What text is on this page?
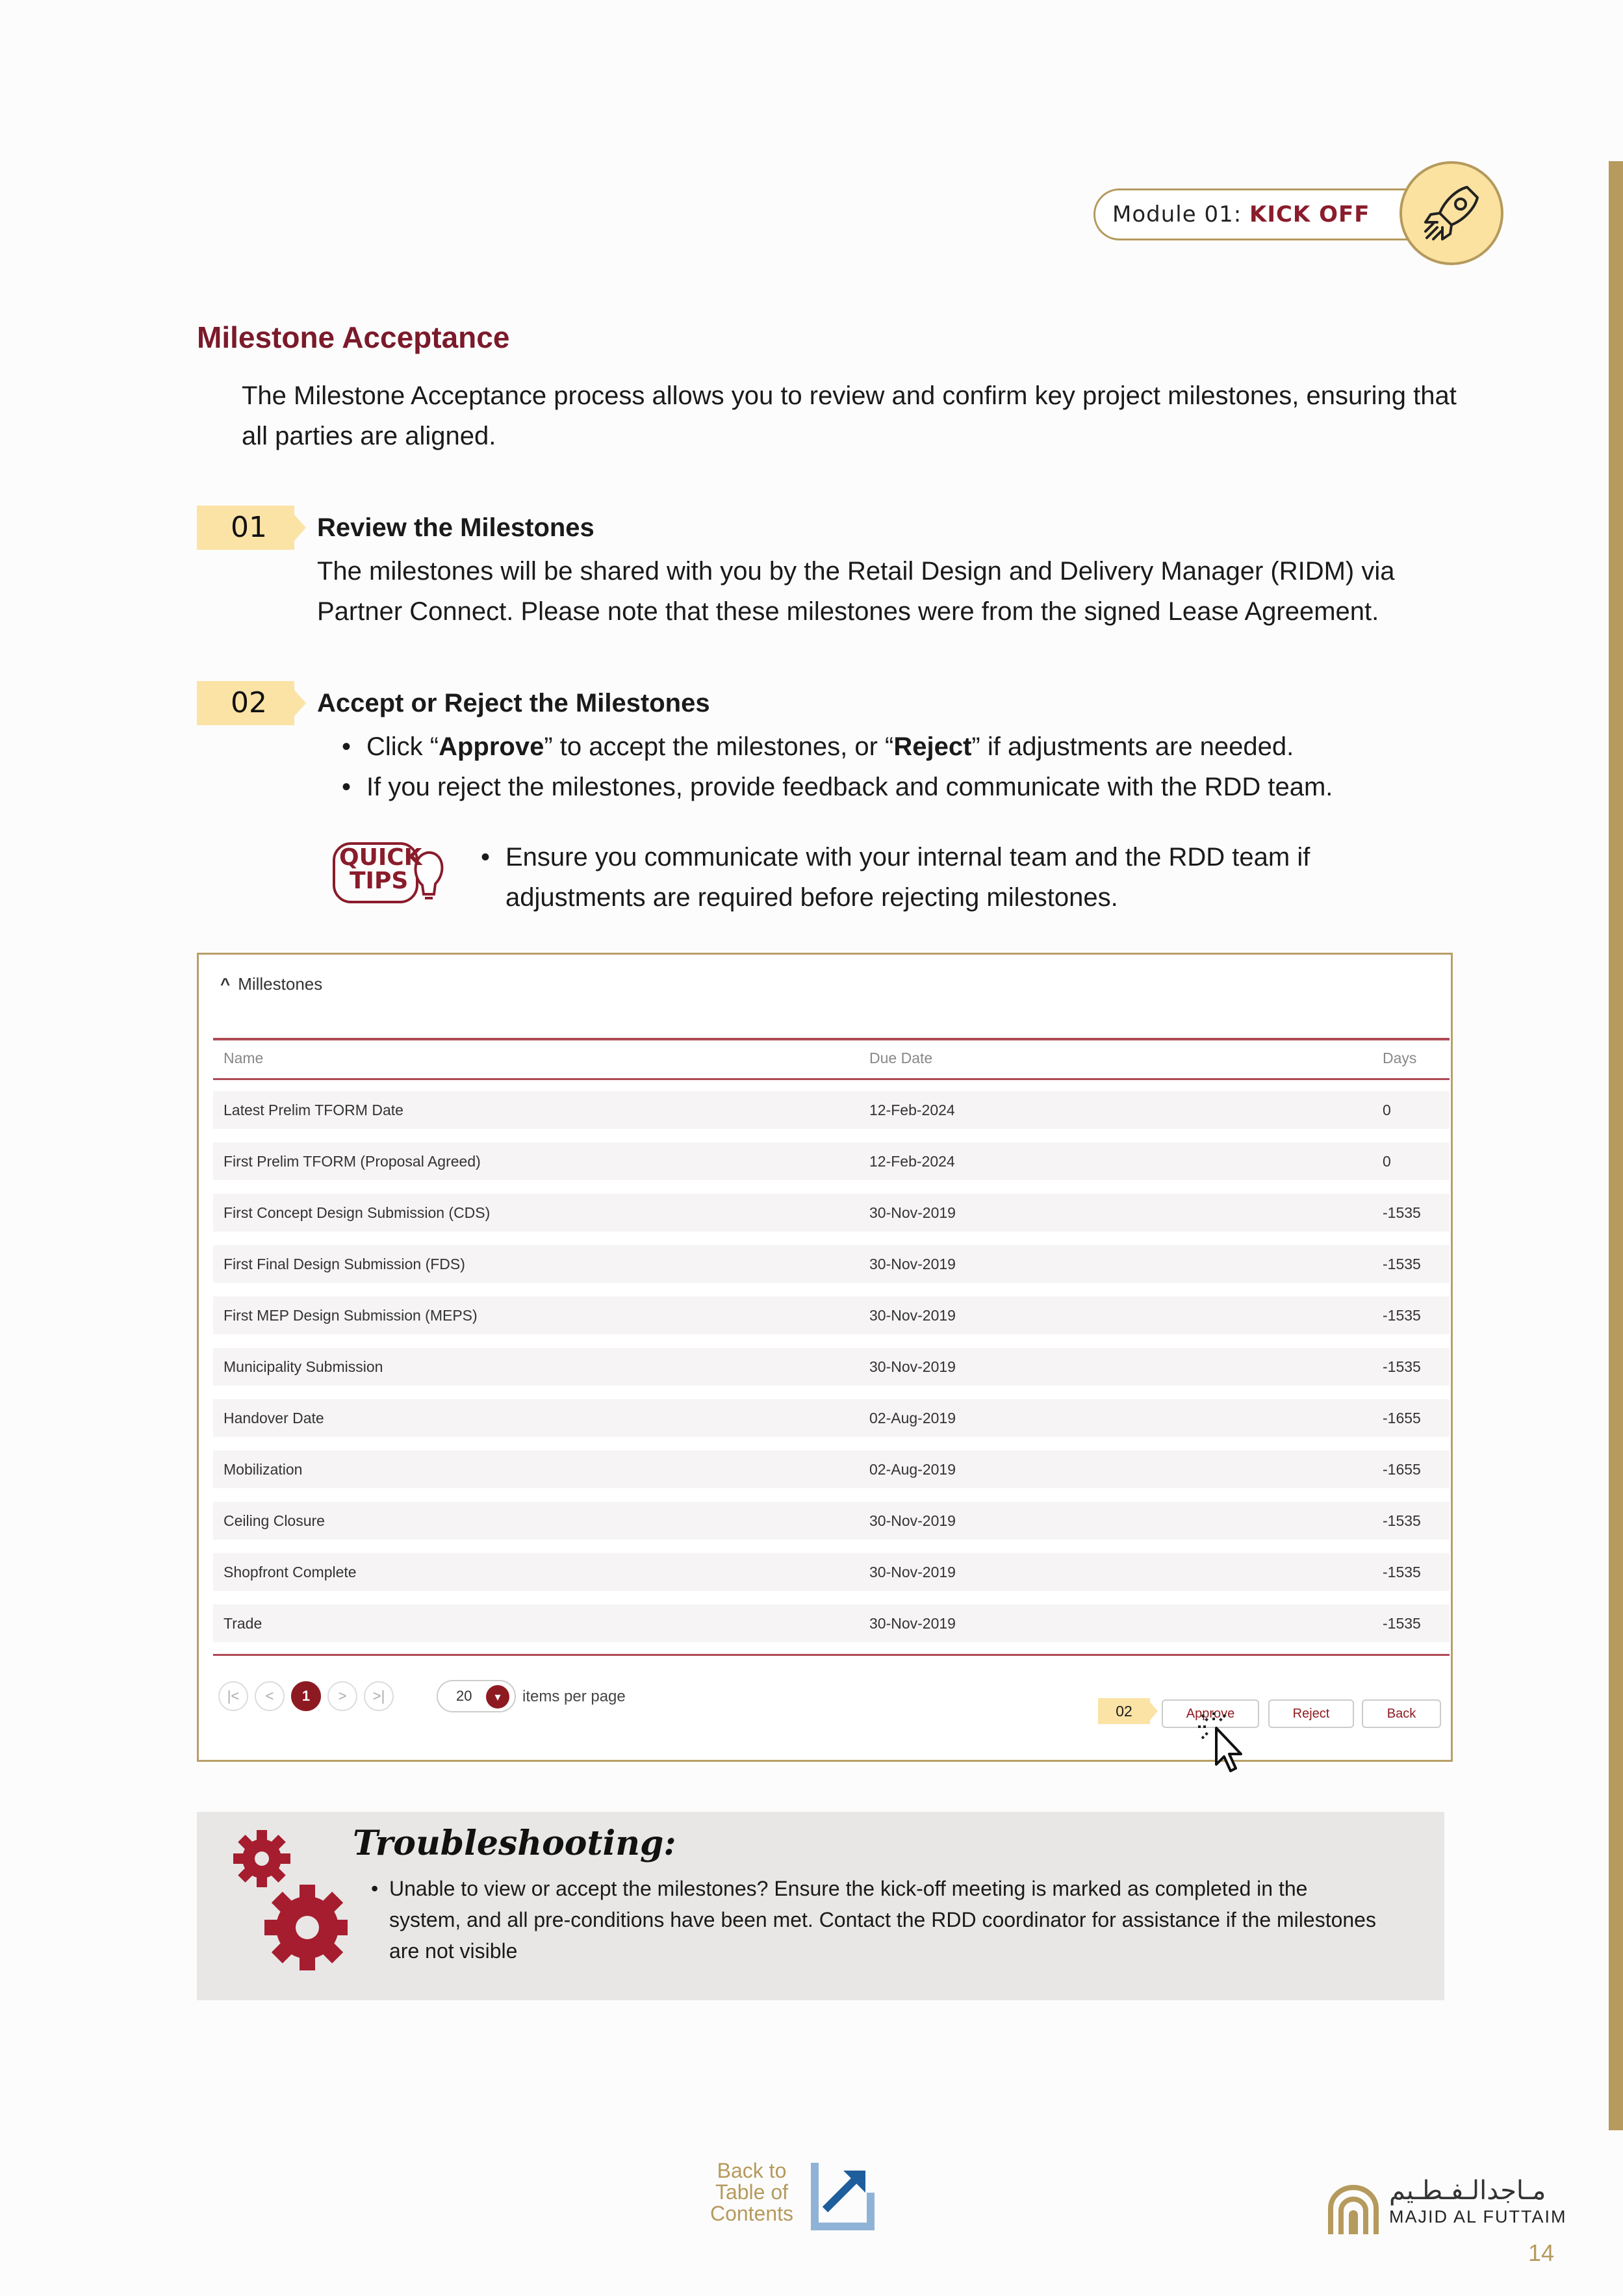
Module 01: KICK OFF
Milestone Acceptance
The Milestone Acceptance process allows you to review and confirm key project milestones, ensuring that all parties are aligned.
01	Review the Milestones
The milestones will be shared with you by the Retail Design and Delivery Manager (RIDM) via Partner Connect. Please note that these milestones were from the signed Lease Agreement.
02	Accept or Reject the Milestones
• Click “Approve” to accept the milestones, or “Reject” if adjustments are needed.
• If you reject the milestones, provide feedback and communicate with the RDD team.
QUICK
TIPS
• Ensure you communicate with your internal team and the RDD team if adjustments are required before rejecting milestones.
^ Millestones
Name	Due Date	Days
Latest Prelim TFORM Date	12-Feb-2024	0
First Prelim TFORM (Proposal Agreed)	12-Feb-2024	0
First Concept Design Submission (CDS)	30-Nov-2019	-1535
First Final Design Submission (FDS)	30-Nov-2019	-1535
First MEP Design Submission (MEPS)	30-Nov-2019	-1535
Municipality Submission	30-Nov-2019	-1535
Handover Date	02-Aug-2019	-1655
Mobilization	02-Aug-2019	-1655
Ceiling Closure	30-Nov-2019	-1535
Shopfront Complete	30-Nov-2019	-1535
Trade	30-Nov-2019	-1535
|<	<	1	>	>|	20	▾	items per page
02	Approve	Reject	Back
Troubleshooting:
• Unable to view or accept the milestones? Ensure the kick-off meeting is marked as completed in the system, and all pre-conditions have been met. Contact the RDD coordinator for assistance if the milestones are not visible
Back to
Table of
Contents
مـاجدالـفـطـيم
MAJID AL FUTTAIM
14
